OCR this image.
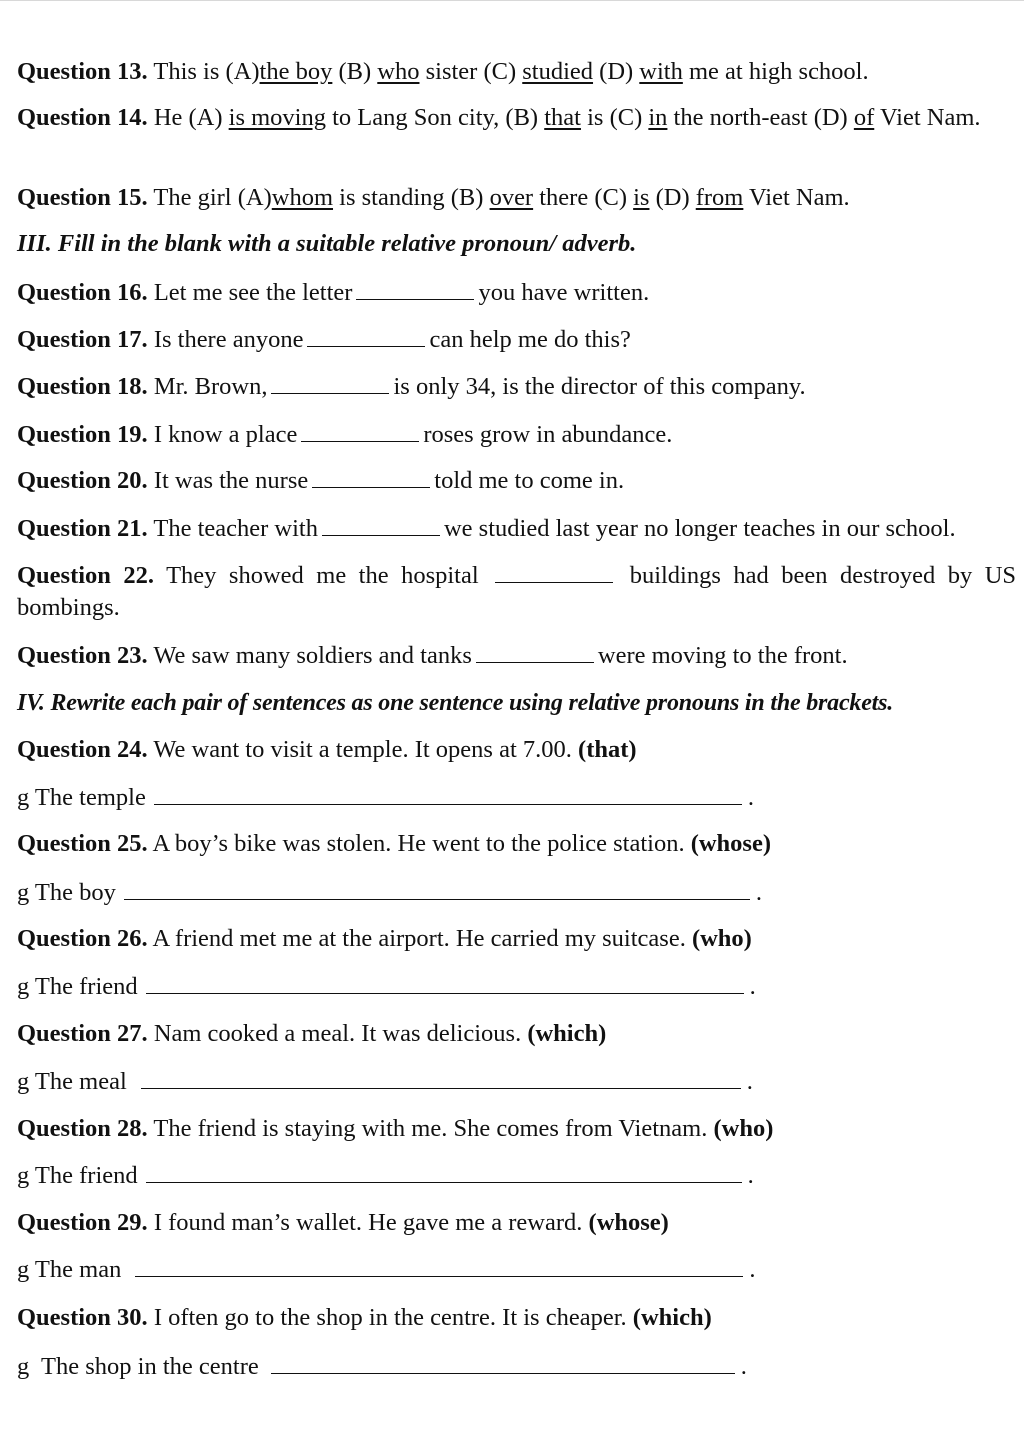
Question 13. This is (A)the boy (B) who sister (C) studied (D) with me at high school.
Question 14. He (A) is moving to Lang Son city, (B) that is (C) in the north-east (D) of Viet Nam.
Question 15. The girl (A)whom is standing (B) over there (C) is (D) from Viet Nam.
III. Fill in the blank with a suitable relative pronoun/ adverb.
Question 16. Let me see the letter	you have written.
Question 17. Is there anyone	can help me do this?
Question 18. Mr. Brown,	is only 34, is the director of this company.
Question 19. I know a place	roses grow in abundance.
Question 20. It was the nurse	told me to come in.
Question 21. The teacher with	we studied last year no longer teaches in our school.
Question 22. They showed me the hospital	buildings had been destroyed by US bombings.
Question 23. We saw many soldiers and tanks	were moving to the front.
IV. Rewrite each pair of sentences as one sentence using relative pronouns in the brackets.
Question 24. We want to visit a temple. It opens at 7.00. (that)
g The temple	.
Question 25. A boy’s bike was stolen. He went to the police station. (whose)
g The boy	.
Question 26. A friend met me at the airport. He carried my suitcase. (who)
g The friend	.
Question 27. Nam cooked a meal. It was delicious. (which)
g The meal	.
Question 28. The friend is staying with me. She comes from Vietnam. (who)
g The friend	.
Question 29. I found man’s wallet. He gave me a reward. (whose)
g The man	.
Question 30. I often go to the shop in the centre. It is cheaper. (which)
g  The shop in the centre	.
